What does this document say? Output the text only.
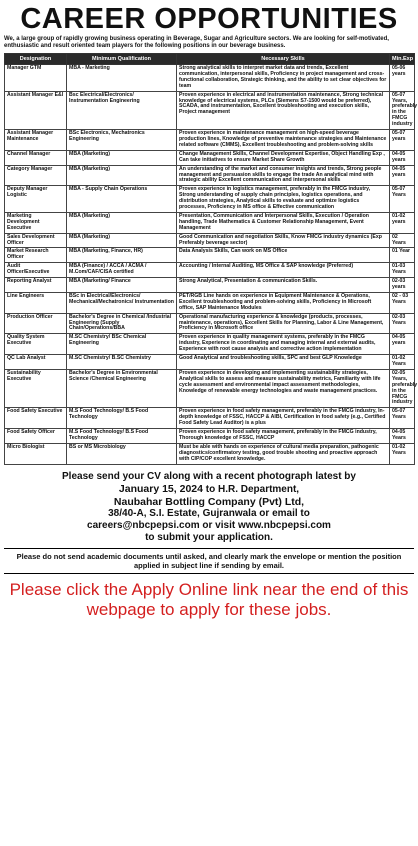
CAREER OPPORTUNITIES
We, a large group of rapidly growing business operating in Beverage, Sugar and Agriculture sectors. We are looking for self-motivated, enthusiastic and result oriented team players for the following positions in our beverage business.
Designation	Minimum Qualification	Necessary Skills	Min.Exp
Manager GTM	MBA - Marketing	Strong analytical skills to interpret market data and trends, Excellent communication, interpersonal skills, Proficiency in project management and cross-functional collaboration, Strategic thinking, and the ability to set clear objectives for team	05-06 years
Assistant Manager E&I	Bsc Electrical/Electronics/ Instrumentation Engineering	Proven experience in electrical and instrumentation maintenance, Strong technical knowledge of electrical systems, PLCs (Siemens S7-1500 would be preferred), SCADA, and instrumentation, Excellent troubleshooting and execution skills, Project management	05-07 Years, preferably in the FMCG industry
Assistant Manager Maintenance	BSc Electronics, Mechatronics Engineering	Proven experience in maintenance management on high-speed beverage production lines, Knowledge of preventive maintenance strategies and Maintenance related software (CMMS), Excellent troubleshooting and problem-solving skills	05-07 years
Channel Manager	MBA (Marketing)	Change Management Skills, Channel Development Expertise, Object Handling Exp , Can take initiatives to ensure Market Share Growth	04-05 years
Category Manager	MBA (Marketing)	An understanding of the market and consumer insights and trends, Strong people management and persuasion skills to engage the trade An analytical mind with strategic ability Excellent communication and interpersonal skills	04-05 years
Deputy Manager Logistic	MBA - Supply Chain Operations	Proven experience in logistics management, preferably in the FMCG industry, Strong understanding of supply chain principles, logistics operations, and distribution strategies, Analytical skills to evaluate and optimize logistics processes, Proficiency in MS office & Effective communication	05-07 Years
Marketing Development Executive	MBA (Marketing)	Presentation, Communication and Interpersonal Skills, Execution / Operation handling, Trade Mathematics & Customer Relationship Management, Event Management	01-02 years
Sales Development Officer	MBA (Marketing)	Good Communication and negotiation Skills, Know FMCG industry dynamics (Exp Preferably beverage sector)	02 Years
Market Research Officer	MBA (Marketing, Finance, HR)	Data Analysis Skills, Can work on MS Office	01 Year
Audit Officer/Executive	MBA (Finance) / ACCA / ACMA / M.Com/CAF/CISA certified	Accounting / Internal Auditing, MS Office & SAP knowledge (Preferred)	01-03 Years
Reporting Analyst	MBA (Marketing/ Finance	Strong Analytical, Presentation & communication Skills.	02-03 years
Line Engineers	BSc in Electrical/Electronics/ Mechanical/Mechatronics/ Instrumentation	PET/RGB Line hands on experience in Equipment Maintenance & Operations, Excellent troubleshooting and problem-solving skills, Proficiency in Microsoft office, SAP Maintenance Modules	02 - 03 Years
Production Officer	Bachelor's Degree in Chemical /Industrial Engineering (Supply Chain/Operations/BBA	Operational manufacturing experience & knowledge (products, processes, maintenance, operations), Excellent Skills for Planning, Labor & Line Management, Proficiency in Microsoft office	02-03 Years
Quality System Executive	M.SC Chemistry/ BSc Chemical Engineering	Proven experience in quality management systems, preferably in the FMCG industry, Experience in coordinating and managing internal and external audits, Experience with root cause analysis and corrective action implementation	04-05 years
QC Lab Analyst	M.SC Chemistry/ B.SC Chemistry	Good Analytical and troubleshooting skills, SPC and best GLP Knowledge	01-02 Years
Sustainability Executive	Bachelor's Degree in Environmental Science /Chemical Engineering	Proven experience in developing and implementing sustainability strategies, Analytical skills to assess and measure sustainability metrics, Familiarity with life cycle assessment and environmental impact assessment methodologies, Knowledge of renewable energy technologies and waste management practices.	02-05 Years, preferably in the FMCG industry
Food Safety Executive	M.S Food Technology/ B.S Food Technology	Proven experience in food safety management, preferably in the FMCG industry, In-depth knowledge of FSSC, HACCP & AIBI, Certification in food safety (e.g., Certified Food Safety Lead Auditor) is a plus	05-07 Years
Food Safety Officer	M.S Food Technology/ B.S Food Technology	Proven experience in food safety management, preferably in the FMCG industry, Thorough knowledge of FSSC, HACCP	04-05 Years
Micro Biologist	BS or MS Microbiology	Must be able with hands on experience of cultural media preparation, pathogenic diagnostics/confirmatory testing, good trouble shooting and proactive approach with CIP/COP excellent knowledge.	01-02 Years
Please send your CV along with a recent photograph latest by
January 15, 2024 to H.R. Department,
Naubahar Bottling Company (Pvt) Ltd,
38/40-A, S.I. Estate, Gujranwala or email to
careers@nbcpepsi.com or visit www.nbcpepsi.com
to submit your application.
Please do not send academic documents until asked, and clearly mark the envelope or mention the position applied in subject line if sending by email.
Please click the Apply Online link near the end of this webpage to apply for these jobs.
